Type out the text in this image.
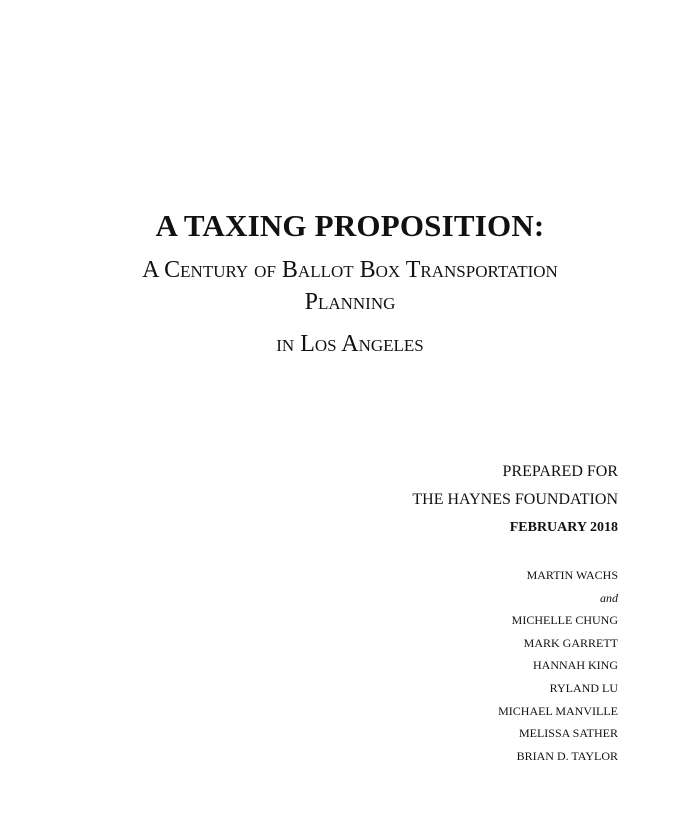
A TAXING PROPOSITION:
A Century of Ballot Box Transportation
Planning
in Los Angeles
PREPARED FOR
THE HAYNES FOUNDATION
FEBRUARY 2018
MARTIN WACHS
and
MICHELLE CHUNG
MARK GARRETT
HANNAH KING
RYLAND LU
MICHAEL MANVILLE
MELISSA SATHER
BRIAN D. TAYLOR
